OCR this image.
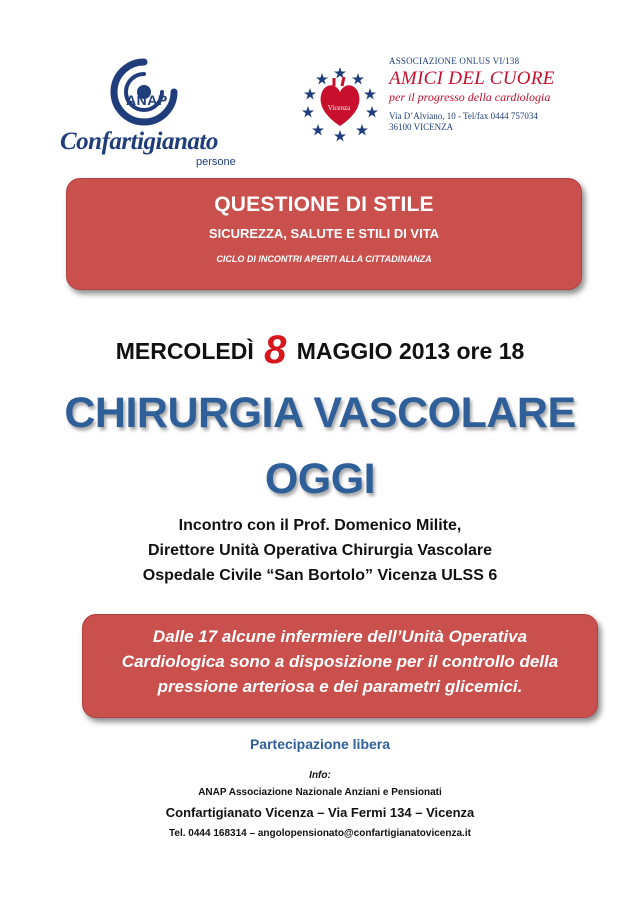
ANAP
Confartigianato
persone
Vicenza
ASSOCIAZIONE ONLUS VI/138
AMICI DEL CUORE
per il progresso della cardiologia
Via D’Alviano, 10 - Tel/fax 0444 757034
36100 VICENZA
QUESTIONE DI STILE
SICUREZZA, SALUTE E STILI DI VITA
CICLO DI INCONTRI APERTI ALLA CITTADINANZA
MERCOLEDÌ 8 MAGGIO 2013 ore 18
CHIRURGIA VASCOLARE
OGGI
Incontro con il Prof. Domenico Milite,
Direttore Unità Operativa Chirurgia Vascolare
Ospedale Civile “San Bortolo” Vicenza ULSS 6
Dalle 17 alcune infermiere dell’Unità Operativa
Cardiologica sono a disposizione per il controllo della
pressione arteriosa e dei parametri glicemici.
Partecipazione libera
Info:
ANAP Associazione Nazionale Anziani e Pensionati
Confartigianato Vicenza – Via Fermi 134 – Vicenza
Tel. 0444 168314 – angolopensionato@confartigianatovicenza.it
